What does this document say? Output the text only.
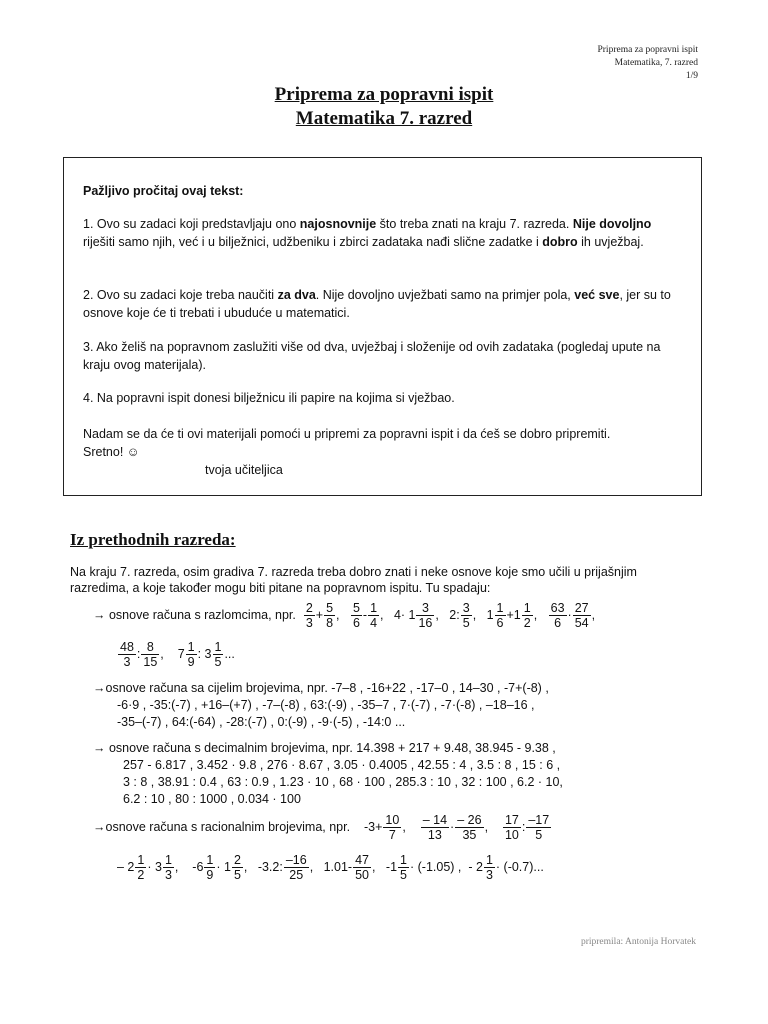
Priprema za popravni ispit
Matematika, 7. razred
1/9
Priprema za popravni ispit
Matematika 7. razred
Pažljivo pročitaj ovaj tekst:
1. Ovo su zadaci koji predstavljaju ono najosnovnije što treba znati na kraju 7. razreda. Nije dovoljno riješiti samo njih, već i u bilježnici, udžbeniku i zbirci zadataka nađi slične zadatke i dobro ih uvježbaj.
2. Ovo su zadaci koje treba naučiti za dva. Nije dovoljno uvježbati samo na primjer pola, već sve, jer su to osnove koje će ti trebati i ubuduće u matematici.
3. Ako želiš na popravnom zaslužiti više od dva, uvježbaj i složenije od ovih zadataka (pogledaj upute na kraju ovog materijala).
4. Na popravni ispit donesi bilježnicu ili papire na kojima si vježbao.
Nadam se da će ti ovi materijali pomoći u pripremi za popravni ispit i da ćeš se dobro pripremiti.
Sretno! ☺
tvoja učiteljica
Iz prethodnih razreda:
Na kraju 7. razreda, osim gradiva 7. razreda treba dobro znati i neke osnove koje smo učili u prijašnjim
razredima, a koje također mogu biti pitane na popravnom ispitu. Tu spadaju:
→ osnove računa s razlomcima, npr. $\frac{2}{3} + \frac{5}{8}$ , $\frac{5}{6} - \frac{1}{4}$ , $4\cdot 1 \frac{3}{16}$ , 2: $\frac{3}{5}$ , $1 \frac{1}{6} +1 \frac{1}{2}$ , $\frac{63}{6} \cdot \frac{27}{54}$ ,
$\frac{48}{3}$ : $\frac{8}{15}$ , $7 \frac{1}{9}$ : $3 \frac{1}{5}$ ...
→osnove računa sa cijelim brojevima, npr. -7–8 , -16+22 , -17–0 , 14–30 , -7+(-8) ,
-6·9 , -35:(-7) , +16–(+7) , -7–(-8) , 63:(-9) , -35–7 , 7·(-7) , -7·(-8) , –18–16 ,
-35–(-7) , 64:(-64) , -28:(-7) , 0:(-9) , -9·(-5) , -14:0 ...
→ osnove računa s decimalnim brojevima, npr. 14.398 + 217 + 9.48, 38.945 - 9.38 ,
257 - 6.817 , 3.452 · 9.8 , 276 · 8.67 , 3.05 · 0.4005 , 42.55 : 4 , 3.5 : 8 , 15 : 6 ,
3 : 8 , 38.91 : 0.4 , 63 : 0.9 , 1.23 · 10 , 68 · 100 , 285.3 : 10 , 32 : 100 , 6.2 · 10,
6.2 : 10 , 80 : 1000 , 0.034 · 100
→osnove računa s racionalnim brojevima, npr. $-3+ \frac{10}{7}$ , $\frac{- 14}{13} \cdot \frac{- 26}{35}$ , $\frac{17}{10}$ : $\frac{-17}{5}$
– $2 \frac{1}{2} \cdot 3 \frac{1}{3}$ , $-6 \frac{1}{9} \cdot 1 \frac{2}{5}$ , -3.2: $\frac{-16}{25}$ , $1.01- \frac{47}{50}$ , $-1 \frac{1}{5} \cdot (-1.05)$ , - $2 \frac{1}{3} \cdot (-0.7)$...
pripremila: Antonija Horvatek
